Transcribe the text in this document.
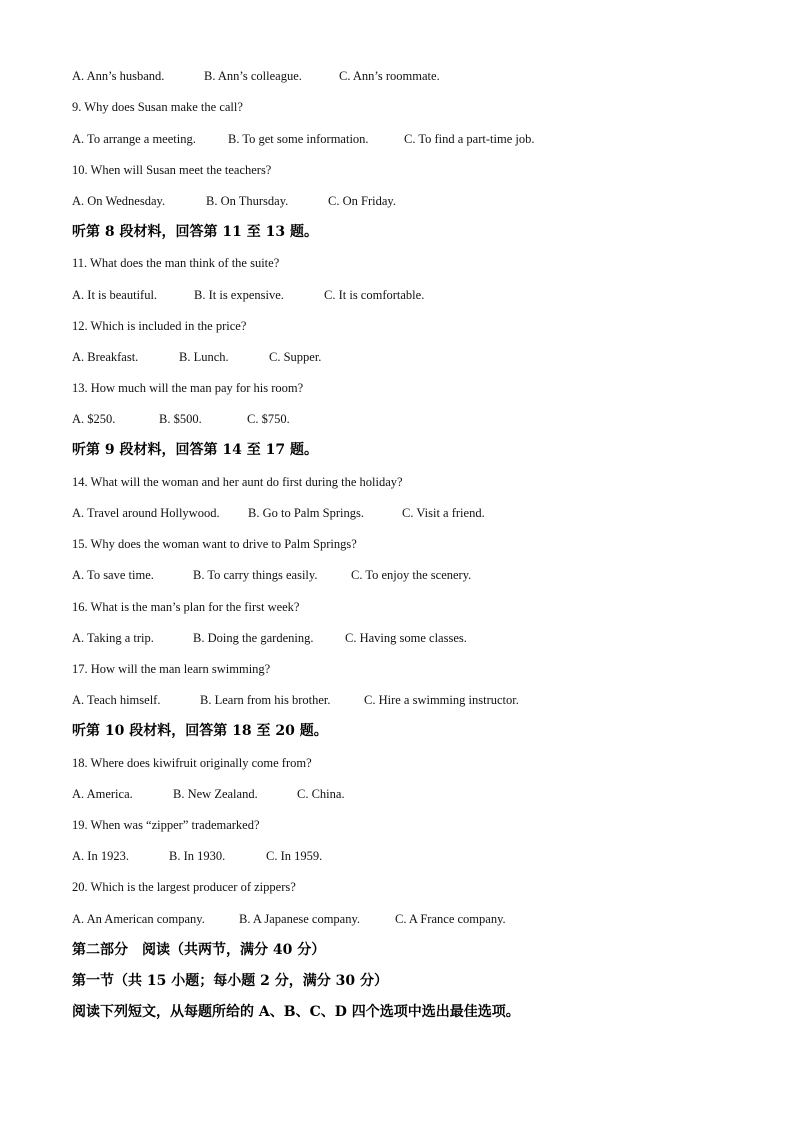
A. Ann’s husband.	B. Ann’s colleague.	C. Ann’s roommate.
9. Why does Susan make the call?
A. To arrange a meeting.	B. To get some information.	C. To find a part-time job.
10. When will Susan meet the teachers?
A. On Wednesday.	B. On Thursday.	C. On Friday.
听第 8 段材料，回答第 11 至 13 题。
11. What does the man think of the suite?
A. It is beautiful.	B. It is expensive.	C. It is comfortable.
12. Which is included in the price?
A. Breakfast.	B. Lunch.	C. Supper.
13. How much will the man pay for his room?
A. $250.	B. $500.	C. $750.
听第 9 段材料，回答第 14 至 17 题。
14. What will the woman and her aunt do first during the holiday?
A. Travel around Hollywood. B. Go to Palm Springs.	C. Visit a friend.
15. Why does the woman want to drive to Palm Springs?
A. To save time.	B. To carry things easily.	C. To enjoy the scenery.
16. What is the man’s plan for the first week?
A. Taking a trip.	B. Doing the gardening.	C. Having some classes.
17. How will the man learn swimming?
A. Teach himself.	B. Learn from his brother.	C. Hire a swimming instructor.
听第 10 段材料，回答第 18 至 20 题。
18. Where does kiwifruit originally come from?
A. America.	B. New Zealand.	C. China.
19. When was “zipper” trademarked?
A. In 1923.	B. In 1930.	C. In 1959.
20. Which is the largest producer of zippers?
A. An American company.	B. A Japanese company.	C. A France company.
第二部分　阅读（共两节，满分 40 分）
第一节（共 15 小题；每小题 2 分，满分 30 分）
阅读下列短文，从每题所给的 A、B、C、D 四个选项中选出最佳选项。
